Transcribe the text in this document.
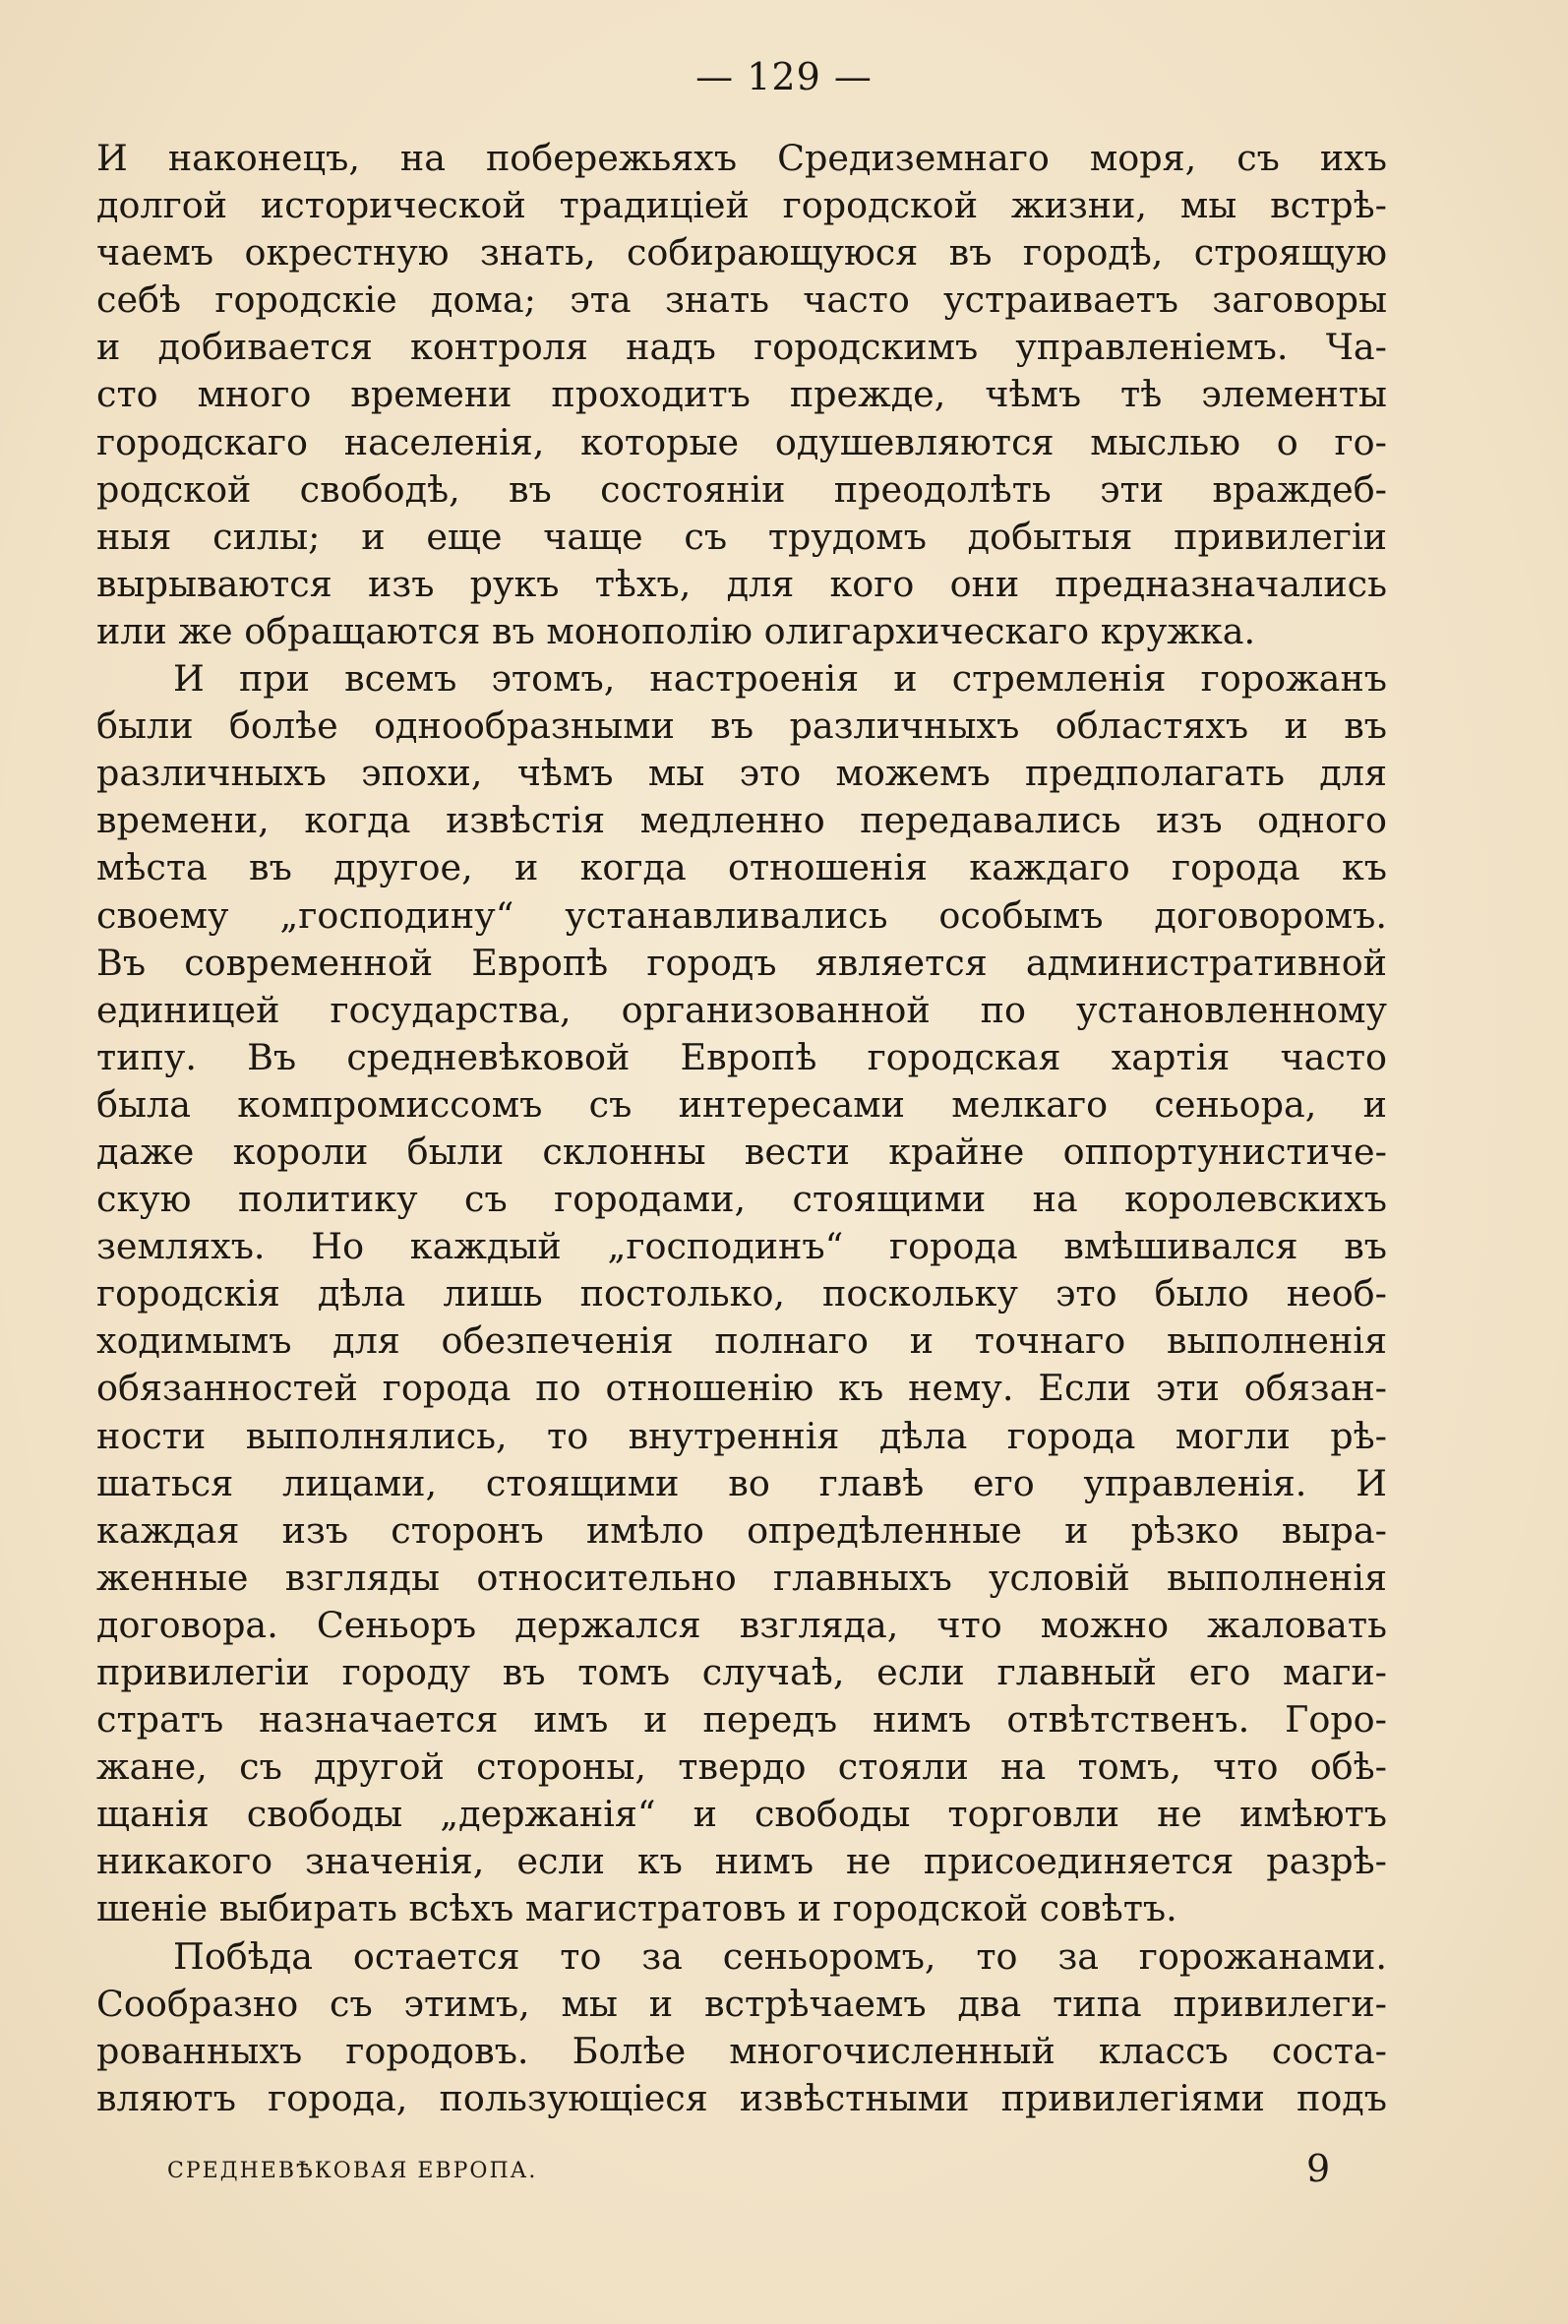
— 129 —
И наконецъ, на побережьяхъ Средиземнаго моря, съ ихъ
долгой исторической традиціей городской жизни, мы встрѣ-
чаемъ окрестную знать, собирающуюся въ городѣ, строящую
себѣ городскіе дома; эта знать часто устраиваетъ заговоры
и добивается контроля надъ городскимъ управленіемъ. Ча-
сто много времени проходитъ прежде, чѣмъ тѣ элементы
городскаго населенія, которые одушевляются мыслью о го-
родской свободѣ, въ состояніи преодолѣть эти враждеб-
ныя силы; и еще чаще съ трудомъ добытыя привилегіи
вырываются изъ рукъ тѣхъ, для кого они предназначались
или же обращаются въ монополію олигархическаго кружка.
И при всемъ этомъ, настроенія и стремленія горожанъ
были болѣе однообразными въ различныхъ областяхъ и въ
различныхъ эпохи, чѣмъ мы это можемъ предполагать для
времени, когда извѣстія медленно передавались изъ одного
мѣста въ другое, и когда отношенія каждаго города къ
своему „господину“ устанавливались особымъ договоромъ.
Въ современной Европѣ городъ является административной
единицей государства, организованной по установленному
типу. Въ средневѣковой Европѣ городская хартія часто
была компромиссомъ съ интересами мелкаго сеньора, и
даже короли были склонны вести крайне оппортунистиче-
скую политику съ городами, стоящими на королевскихъ
земляхъ. Но каждый „господинъ“ города вмѣшивался въ
городскія дѣла лишь постолько, поскольку это было необ-
ходимымъ для обезпеченія полнаго и точнаго выполненія
обязанностей города по отношенію къ нему. Если эти обязан-
ности выполнялись, то внутреннія дѣла города могли рѣ-
шаться лицами, стоящими во главѣ его управленія. И
каждая изъ сторонъ имѣло опредѣленные и рѣзко выра-
женные взгляды относительно главныхъ условій выполненія
договора. Сеньоръ держался взгляда, что можно жаловать
привилегіи городу въ томъ случаѣ, если главный его маги-
стратъ назначается имъ и передъ нимъ отвѣтственъ. Горо-
жане, съ другой стороны, твердо стояли на томъ, что обѣ-
щанія свободы „держанія“ и свободы торговли не имѣютъ
никакого значенія, если къ нимъ не присоединяется разрѣ-
шеніе выбирать всѣхъ магистратовъ и городской совѣтъ.
Побѣда остается то за сеньоромъ, то за горожанами.
Сообразно съ этимъ, мы и встрѣчаемъ два типа привилеги-
рованныхъ городовъ. Болѣе многочисленный классъ соста-
вляютъ города, пользующіеся извѣстными привилегіями подъ
СРЕДНЕВѢКОВАЯ ЕВРОПА.	9
